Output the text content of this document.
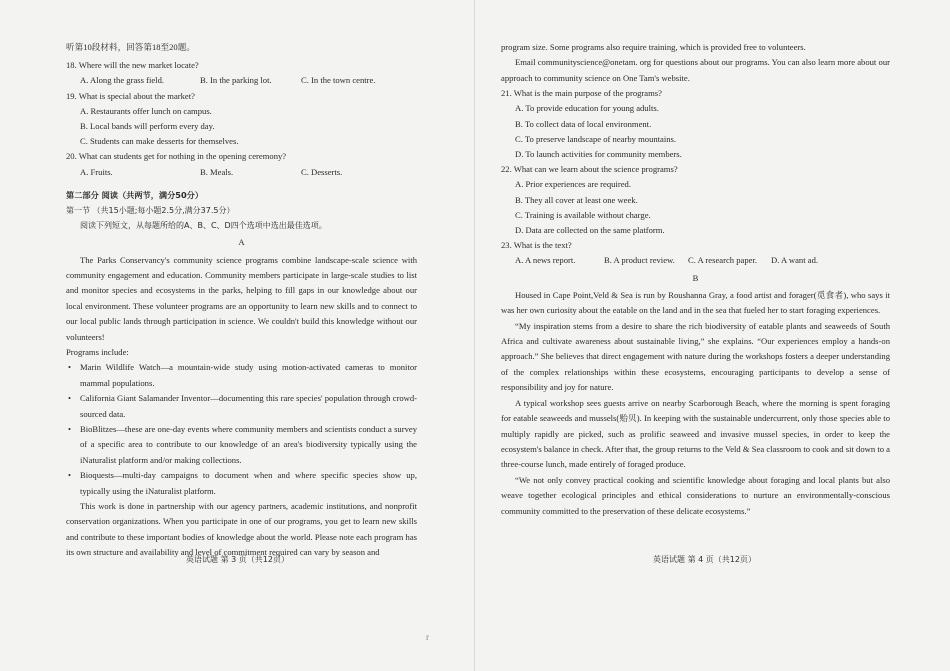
听第10段材料，回答第18至20题。

18. Where will the new market locate?

A. Along the grass field.	B. In the parking lot.	C. In the town centre.

19. What is special about the market?

A. Restaurants offer lunch on campus.

B. Local bands will perform every day.

C. Students can make desserts for themselves.

20. What can students get for nothing in the opening ceremony?

A. Fruits.	B. Meals.	C. Desserts.

第二部分 阅读（共两节，满分50分）

第一节 （共15小题;每小题2.5分,满分37.5分）

阅读下列短文，从每题所给的A、B、C、D四个选项中选出最佳选项。

A

The Parks Conservancy's community science programs combine landscape-scale science with community engagement and education. Community members participate in large-scale studies to list and monitor species and ecosystems in the parks, helping to fill gaps in our knowledge about our local environment. These volunteer programs are an opportunity to learn new skills and to connect to our local public lands through participation in science. We couldn't build this knowledge without our volunteers!

Programs include:

• Marin Wildlife Watch—a mountain-wide study using motion-activated cameras to monitor mammal populations.
• California Giant Salamander Inventor—documenting this rare species' population through crowd-sourced data.
• BioBlitzes—these are one-day events where community members and scientists conduct a survey of a specific area to contribute to our knowledge of an area's biodiversity typically using the iNaturalist platform and/or making collections.
• Bioquests—multi-day campaigns to document when and where specific species show up, typically using the iNaturalist platform.

This work is done in partnership with our agency partners, academic institutions, and nonprofit conservation organizations. When you participate in one of our programs, you get to learn new skills and contribute to these important bodies of knowledge about the world. Please note each program has its own structure and availability and level of commitment required can vary by season and

英语试题 第 3 页（共12页）

program size. Some programs also require training, which is provided free to volunteers.

Email communityscience@onetam. org for questions about our programs. You can also learn more about our approach to community science on One Tam's website.

21. What is the main purpose of the programs?

A. To provide education for young adults.

B. To collect data of local environment.

C. To preserve landscape of nearby mountains.

D. To launch activities for community members.

22. What can we learn about the science programs?

A. Prior experiences are required.

B. They all cover at least one week.

C. Training is available without charge.

D. Data are collected on the same platform.

23. What is the text?

A. A news report.	B. A product review.	C. A research paper.	D. A want ad.

B

Housed in Cape Point,Veld & Sea is run by Roushanna Gray, a food artist and forager(觅食者), who says it was her own curiosity about the eatable on the land and in the sea that fueled her to start foraging experiences.

“My inspiration stems from a desire to share the rich biodiversity of eatable plants and seaweeds of South Africa and cultivate awareness about sustainable living,” she explains. “Our experiences employ a hands-on approach.” She believes that direct engagement with nature during the workshops fosters a deeper understanding of the complex relationships within these ecosystems, encouraging participants to develop a sense of responsibility and joy for nature.

A typical workshop sees guests arrive on nearby Scarborough Beach, where the morning is spent foraging for eatable seaweeds and mussels(贻贝). In keeping with the sustainable undercurrent, only those species able to multiply rapidly are picked, such as prolific seaweed and invasive mussel species, in order to keep the ecosystem's balance in check. After that, the group returns to the Veld & Sea classroom to cook and sit down to a three-course lunch, made entirely of foraged produce.

“We not only convey practical cooking and scientific knowledge about foraging and local plants but also weave together ecological principles and ethical considerations to nurture an environmentally-conscious community committed to the preservation of these delicate ecosystems.”

英语试题 第 4 页（共12页）
r
